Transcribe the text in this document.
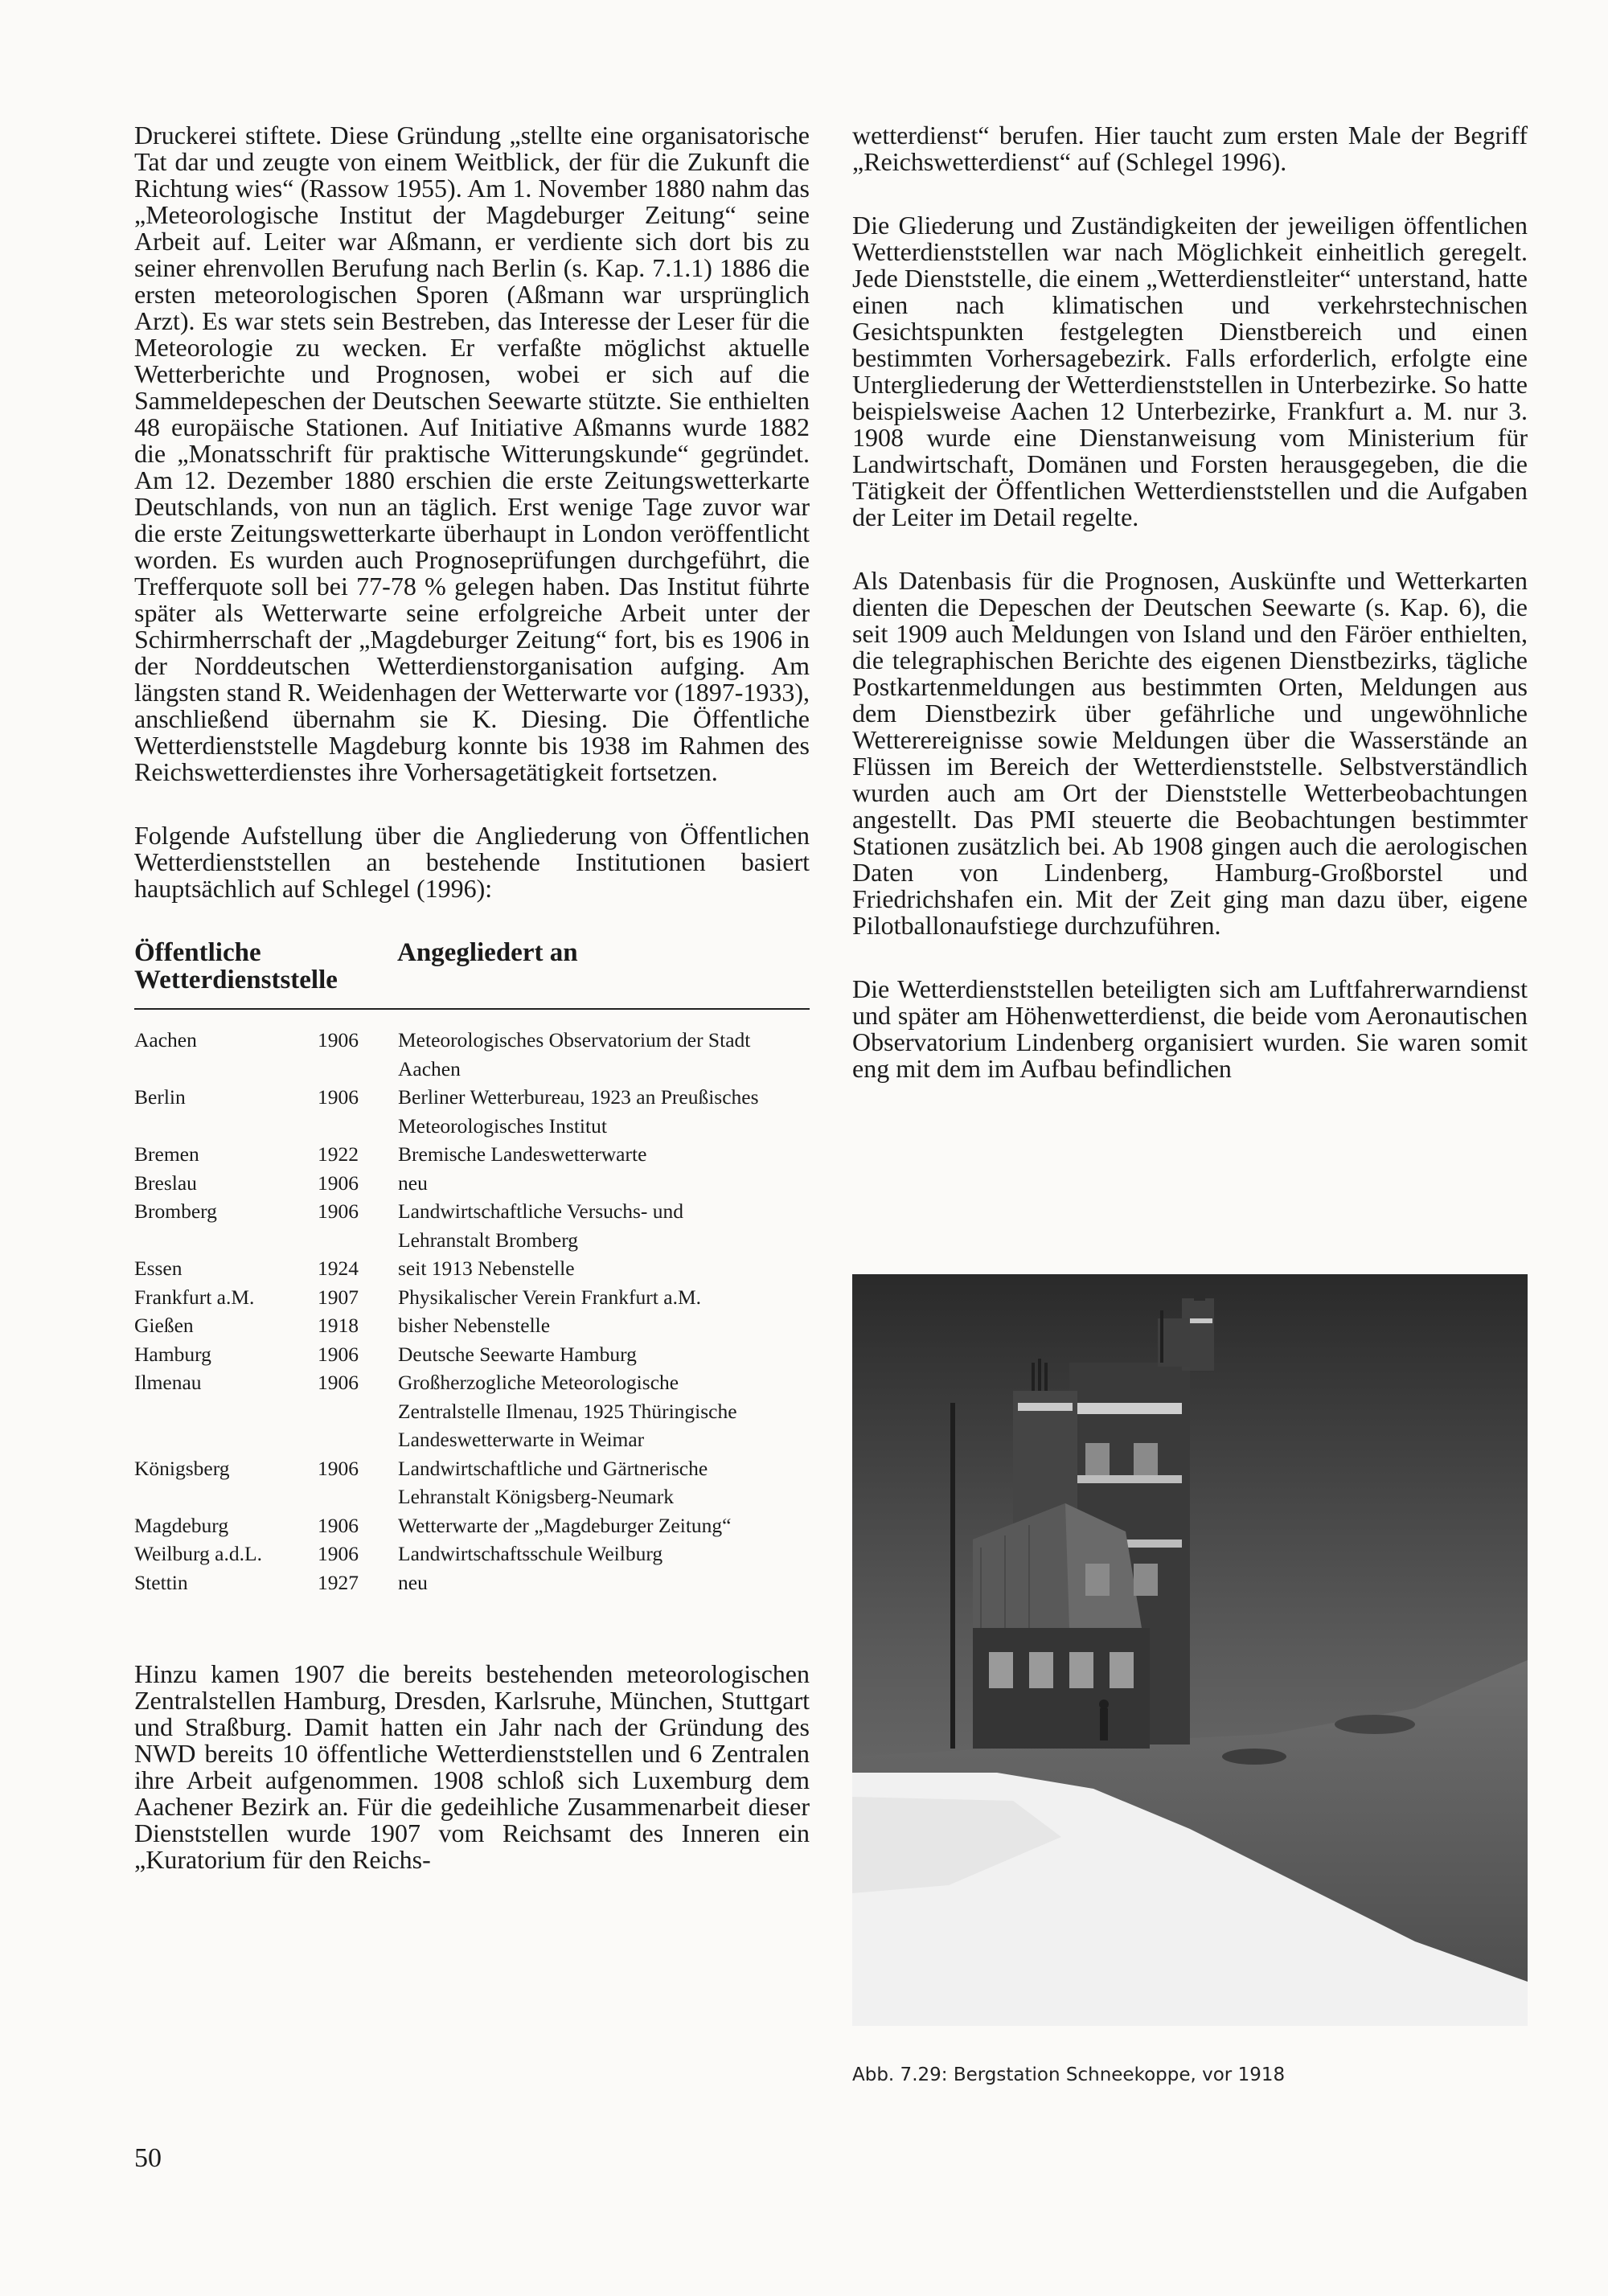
Druckerei stiftete. Diese Gründung „stellte eine organisatorische Tat dar und zeugte von einem Weitblick, der für die Zukunft die Richtung wies“ (Rassow 1955). Am 1. November 1880 nahm das „Meteorologische Institut der Magdeburger Zeitung“ seine Arbeit auf. Leiter war Aßmann, er verdiente sich dort bis zu seiner ehrenvollen Berufung nach Berlin (s. Kap. 7.1.1) 1886 die ersten meteorologischen Sporen (Aßmann war ursprünglich Arzt). Es war stets sein Bestreben, das Interesse der Leser für die Meteorologie zu wecken. Er verfaßte möglichst aktuelle Wetterberichte und Prognosen, wobei er sich auf die Sammeldepeschen der Deutschen Seewarte stützte. Sie enthielten 48 europäische Stationen. Auf Initiative Aßmanns wurde 1882 die „Monatsschrift für praktische Witterungskunde“ gegründet. Am 12. Dezember 1880 erschien die erste Zeitungswetterkarte Deutschlands, von nun an täglich. Erst wenige Tage zuvor war die erste Zeitungswetterkarte überhaupt in London veröffentlicht worden. Es wurden auch Prognoseprüfungen durchgeführt, die Trefferquote soll bei 77-78 % gelegen haben. Das Institut führte später als Wetterwarte seine erfolgreiche Arbeit unter der Schirmherrschaft der „Magdeburger Zeitung“ fort, bis es 1906 in der Norddeutschen Wetterdienstorganisation aufging. Am längsten stand R. Weidenhagen der Wetterwarte vor (1897-1933), anschließend übernahm sie K. Diesing. Die Öffentliche Wetterdienststelle Magdeburg konnte bis 1938 im Rahmen des Reichswetterdienstes ihre Vorhersagetätigkeit fortsetzen.

Folgende Aufstellung über die Angliederung von Öffentlichen Wetterdienststellen an bestehende Institutionen basiert hauptsächlich auf Schlegel (1996):

Öffentliche
Wetterdienststelle
Angegliedert an
Aachen	1906	Meteorologisches Observatorium der Stadt
Aachen
Berlin	1906	Berliner Wetterbureau, 1923 an Preußisches
Meteorologisches Institut
Bremen	1922	Bremische Landeswetterwarte
Breslau	1906	neu
Bromberg	1906	Landwirtschaftliche Versuchs- und
Lehranstalt Bromberg
Essen	1924	seit 1913 Nebenstelle
Frankfurt a.M.	1907	Physikalischer Verein Frankfurt a.M.
Gießen	1918	bisher Nebenstelle
Hamburg	1906	Deutsche Seewarte Hamburg
Ilmenau	1906	Großherzogliche Meteorologische
Zentralstelle Ilmenau, 1925 Thüringische
Landeswetterwarte in Weimar
Königsberg	1906	Landwirtschaftliche und Gärtnerische
Lehranstalt Königsberg-Neumark
Magdeburg	1906	Wetterwarte der „Magdeburger Zeitung“
Weilburg a.d.L.	1906	Landwirtschaftsschule Weilburg
Stettin	1927	neu

Hinzu kamen 1907 die bereits bestehenden meteorologischen Zentralstellen Hamburg, Dresden, Karlsruhe, München, Stuttgart und Straßburg. Damit hatten ein Jahr nach der Gründung des NWD bereits 10 öffentliche Wetterdienststellen und 6 Zentralen ihre Arbeit aufgenommen. 1908 schloß sich Luxemburg dem Aachener Bezirk an. Für die gedeihliche Zusammenarbeit dieser Dienststellen wurde 1907 vom Reichsamt des Inneren ein „Kuratorium für den Reichs-

wetterdienst“ berufen. Hier taucht zum ersten Male der Begriff „Reichswetterdienst“ auf (Schlegel 1996).

Die Gliederung und Zuständigkeiten der jeweiligen öffentlichen Wetterdienststellen war nach Möglichkeit einheitlich geregelt. Jede Dienststelle, die einem „Wetterdienstleiter“ unterstand, hatte einen nach klimatischen und verkehrstechnischen Gesichtspunkten festgelegten Dienstbereich und einen bestimmten Vorhersagebezirk. Falls erforderlich, erfolgte eine Untergliederung der Wetterdienststellen in Unterbezirke. So hatte beispielsweise Aachen 12 Unterbezirke, Frankfurt a. M. nur 3. 1908 wurde eine Dienstanweisung vom Ministerium für Landwirtschaft, Domänen und Forsten herausgegeben, die die Tätigkeit der Öffentlichen Wetterdienststellen und die Aufgaben der Leiter im Detail regelte.

Als Datenbasis für die Prognosen, Auskünfte und Wetterkarten dienten die Depeschen der Deutschen Seewarte (s. Kap. 6), die seit 1909 auch Meldungen von Island und den Färöer enthielten, die telegraphischen Berichte des eigenen Dienstbezirks, tägliche Postkartenmeldungen aus bestimmten Orten, Meldungen aus dem Dienstbezirk über gefährliche und ungewöhnliche Wetterereignisse sowie Meldungen über die Wasserstände an Flüssen im Bereich der Wetterdienststelle. Selbstverständlich wurden auch am Ort der Dienststelle Wetterbeobachtungen angestellt. Das PMI steuerte die Beobachtungen bestimmter Stationen zusätzlich bei. Ab 1908 gingen auch die aerologischen Daten von Lindenberg, Hamburg-Großborstel und Friedrichshafen ein. Mit der Zeit ging man dazu über, eigene Pilotballonaufstiege durchzuführen.

Die Wetterdienststellen beteiligten sich am Luftfahrerwarndienst und später am Höhenwetterdienst, die beide vom Aeronautischen Observatorium Lindenberg organisiert wurden. Sie waren somit eng mit dem im Aufbau befindlichen

Abb. 7.29: Bergstation Schneekoppe, vor 1918
50
